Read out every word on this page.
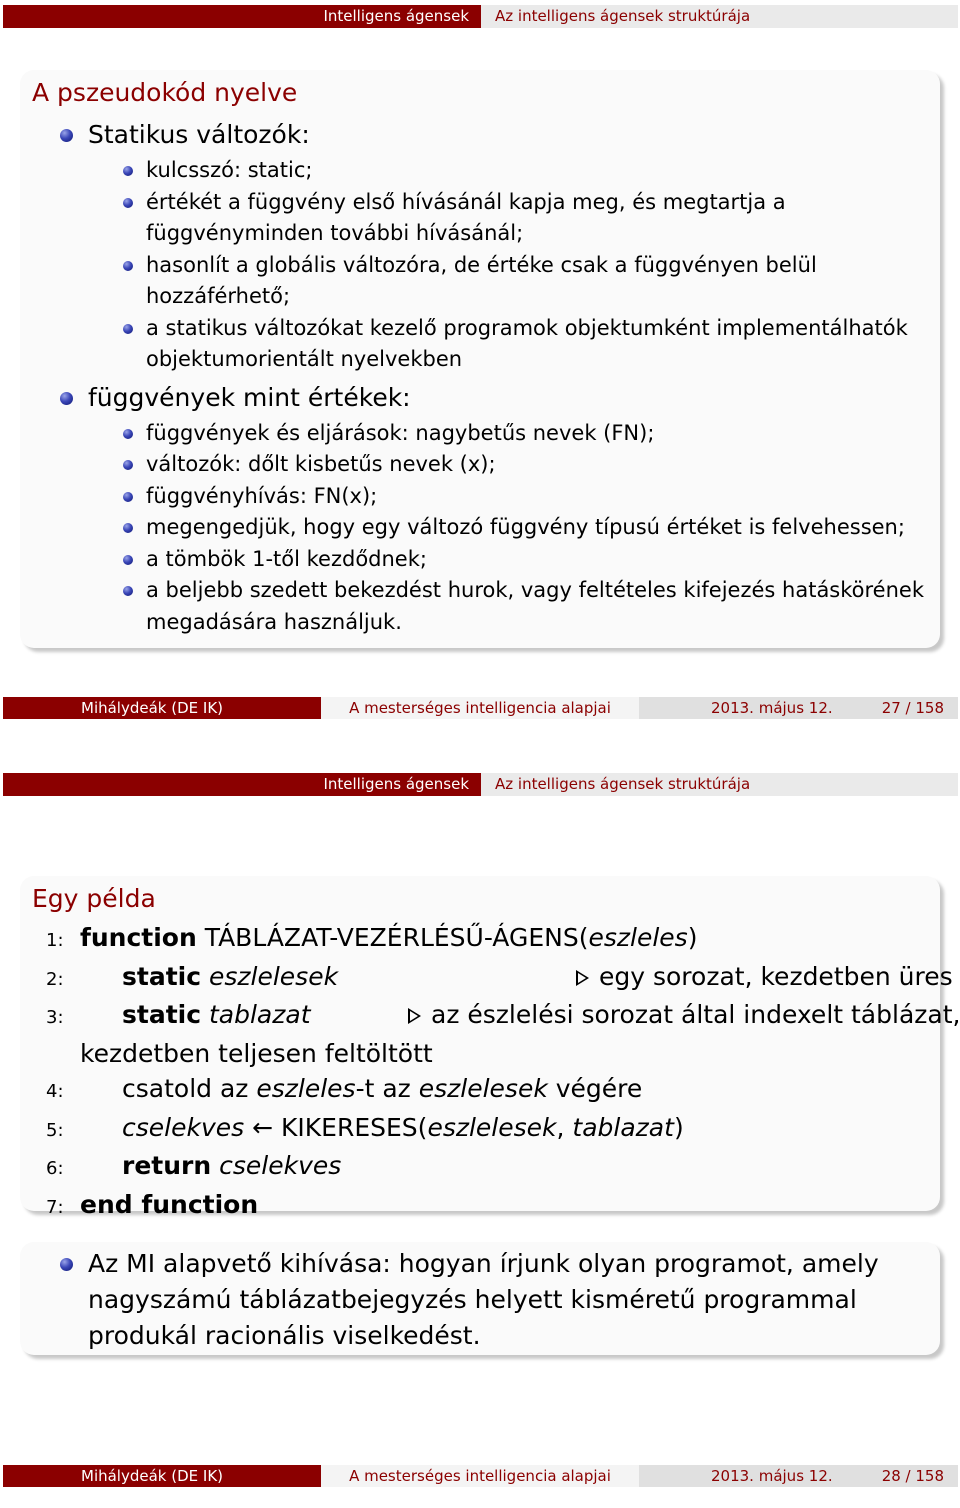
Intelligens ágensek	Az intelligens ágensek struktúrája
A pszeudokód nyelve
Statikus változók:
kulcsszó: static;
értékét a függvény első hívásánál kapja meg, és megtartja a függvényminden további hívásánál;
hasonlít a globális változóra, de értéke csak a függvényen belül hozzáférhető;
a statikus változókat kezelő programok objektumként implementálhatók objektumorientált nyelvekben
függvények mint értékek:
függvények és eljárások: nagybetűs nevek (FN);
változók: dőlt kisbetűs nevek (x);
függvényhívás: FN(x);
megengedjük, hogy egy változó függvény típusú értéket is felvehessen;
a tömbök 1-től kezdődnek;
a beljebb szedett bekezdést hurok, vagy feltételes kifejezés hatáskörének megadására használjuk.
Mihálydeák (DE IK)	A mesterséges intelligencia alapjai	2013. május 12.	27 / 158
Intelligens ágensek	Az intelligens ágensek struktúrája
Egy példa
1: function TÁBLÁZAT-VEZÉRLÉSŰ-ÁGENS(eszleles)
2: static eszlelesek	egy sorozat, kezdetben üres
3: static tablazat	az észlelési sorozat által indexelt táblázat,
kezdetben teljesen feltöltött
4: csatold az eszleles-t az eszlelesek végére
5: cselekves ← KIKERESES(eszlelesek, tablazat)
6: return cselekves
7: end function
Az MI alapvető kihívása: hogyan írjunk olyan programot, amely nagyszámú táblázatbejegyzés helyett kisméretű programmal produkál racionális viselkedést.
Mihálydeák (DE IK)	A mesterséges intelligencia alapjai	2013. május 12.	28 / 158
